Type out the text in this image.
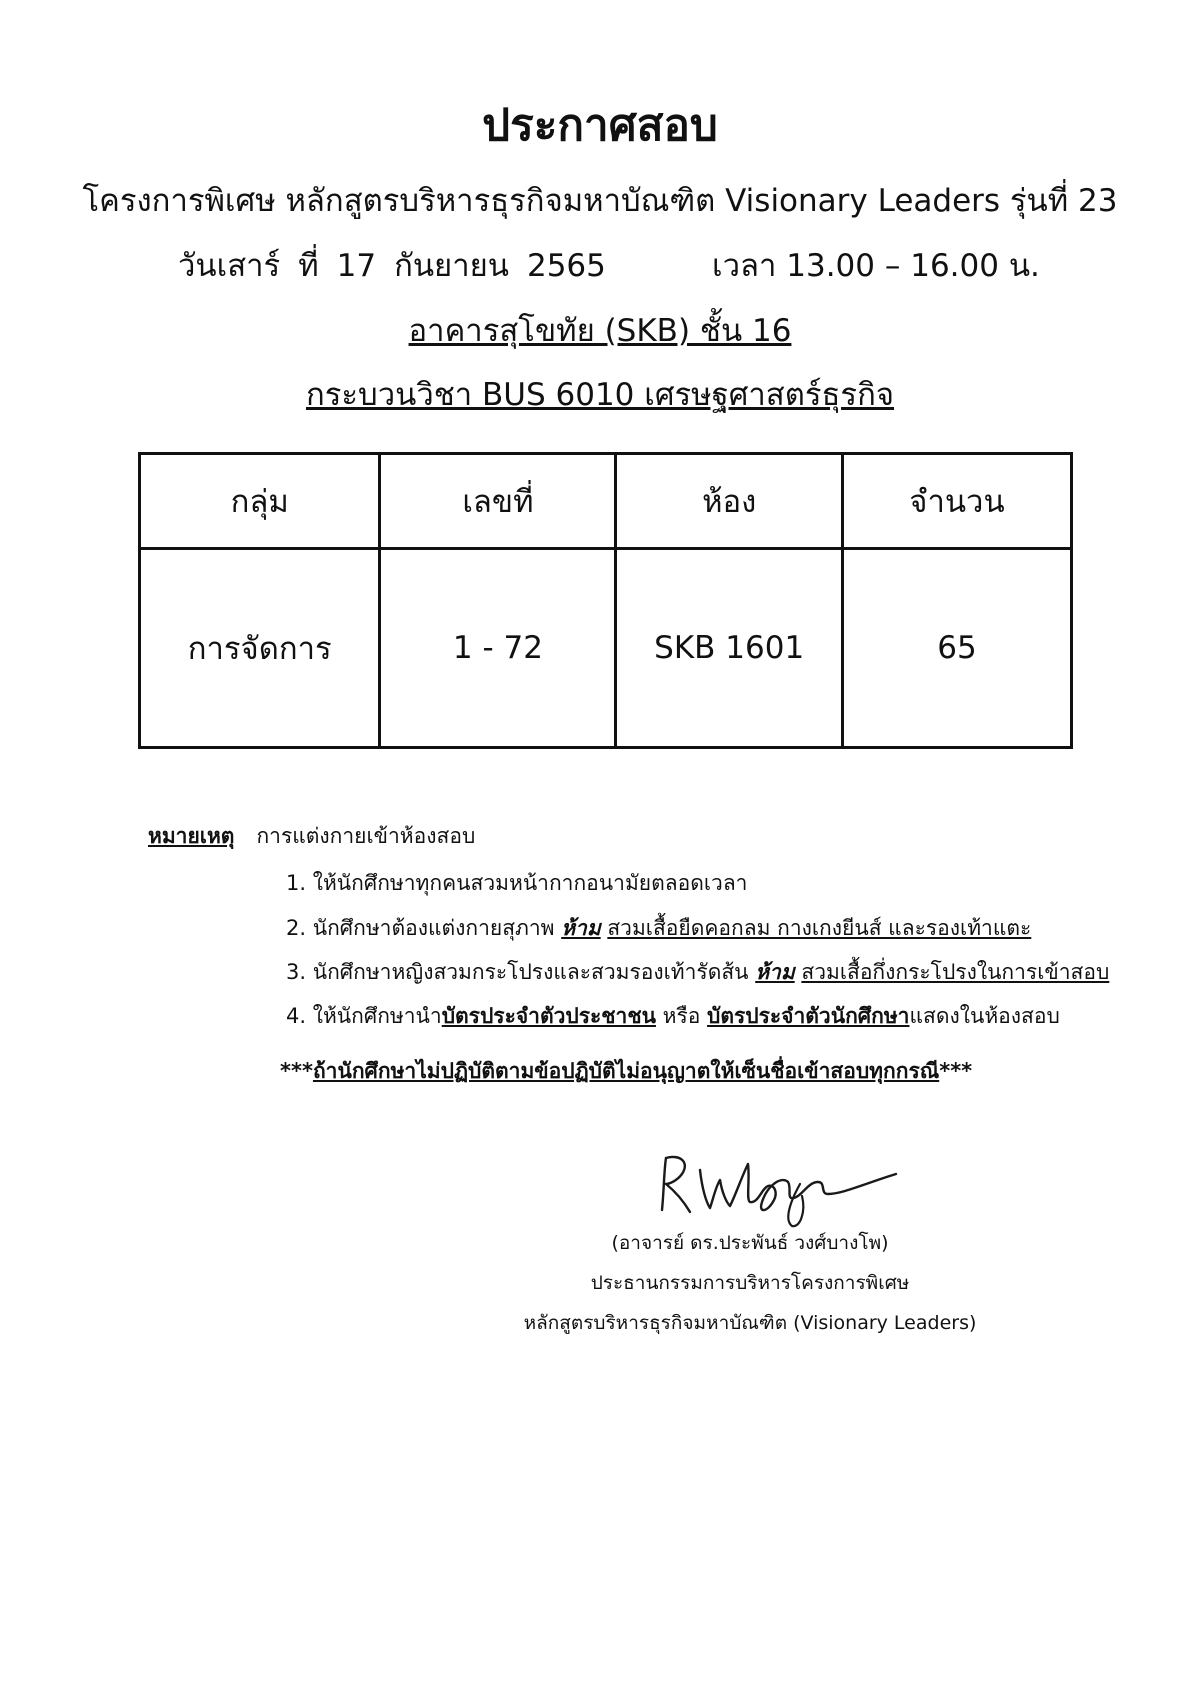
ประกาศสอบ
โครงการพิเศษ หลักสูตรบริหารธุรกิจมหาบัณฑิต Visionary Leaders รุ่นที่ 23
วันเสาร์ ที่ 17 กันยายน 2565	เวลา 13.00 – 16.00 น.
อาคารสุโขทัย (SKB) ชั้น 16
กระบวนวิชา BUS 6010 เศรษฐศาสตร์ธุรกิจ
กลุ่ม	เลขที่	ห้อง	จำนวน
การจัดการ	1 - 72	SKB 1601	65
หมายเหตุ การแต่งกายเข้าห้องสอบ
1. ให้นักศึกษาทุกคนสวมหน้ากากอนามัยตลอดเวลา
2. นักศึกษาต้องแต่งกายสุภาพ ห้าม สวมเสื้อยืดคอกลม กางเกงยีนส์ และรองเท้าแตะ
3. นักศึกษาหญิงสวมกระโปรงและสวมรองเท้ารัดส้น ห้าม สวมเสื้อกึ่งกระโปรงในการเข้าสอบ
4. ให้นักศึกษานำบัตรประจำตัวประชาชน หรือ บัตรประจำตัวนักศึกษาแสดงในห้องสอบ
***ถ้านักศึกษาไม่ปฏิบัติตามข้อปฏิบัติไม่อนุญาตให้เซ็นชื่อเข้าสอบทุกกรณี***
(อาจารย์ ดร.ประพันธ์ วงศ์บางโพ)
ประธานกรรมการบริหารโครงการพิเศษ
หลักสูตรบริหารธุรกิจมหาบัณฑิต (Visionary Leaders)
